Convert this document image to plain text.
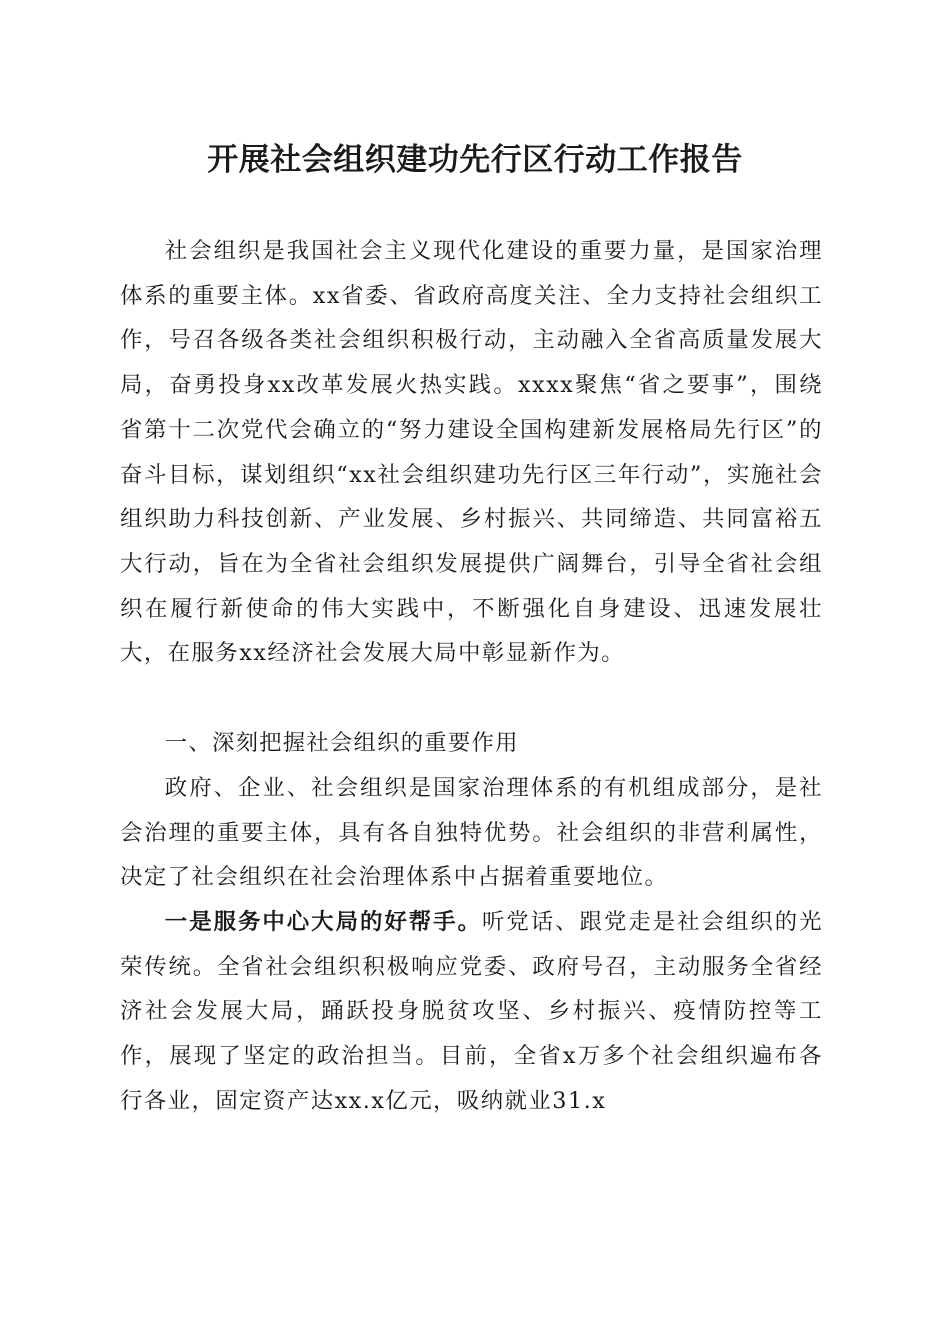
开展社会组织建功先行区行动工作报告

社会组织是我国社会主义现代化建设的重要力量，是国家治理体系的重要主体。xx省委、省政府高度关注、全力支持社会组织工作，号召各级各类社会组织积极行动，主动融入全省高质量发展大局，奋勇投身xx改革发展火热实践。xxxx聚焦“省之要事”，围绕省第十二次党代会确立的“努力建设全国构建新发展格局先行区”的奋斗目标，谋划组织“xx社会组织建功先行区三年行动”，实施社会组织助力科技创新、产业发展、乡村振兴、共同缔造、共同富裕五大行动，旨在为全省社会组织发展提供广阔舞台，引导全省社会组织在履行新使命的伟大实践中，不断强化自身建设、迅速发展壮大，在服务xx经济社会发展大局中彰显新作为。

一、深刻把握社会组织的重要作用

政府、企业、社会组织是国家治理体系的有机组成部分，是社会治理的重要主体，具有各自独特优势。社会组织的非营利属性，决定了社会组织在社会治理体系中占据着重要地位。

一是服务中心大局的好帮手。听党话、跟党走是社会组织的光荣传统。全省社会组织积极响应党委、政府号召，主动服务全省经济社会发展大局，踊跃投身脱贫攻坚、乡村振兴、疫情防控等工作，展现了坚定的政治担当。目前，全省x万多个社会组织遍布各行各业，固定资产达xx.x亿元，吸纳就业31.x
